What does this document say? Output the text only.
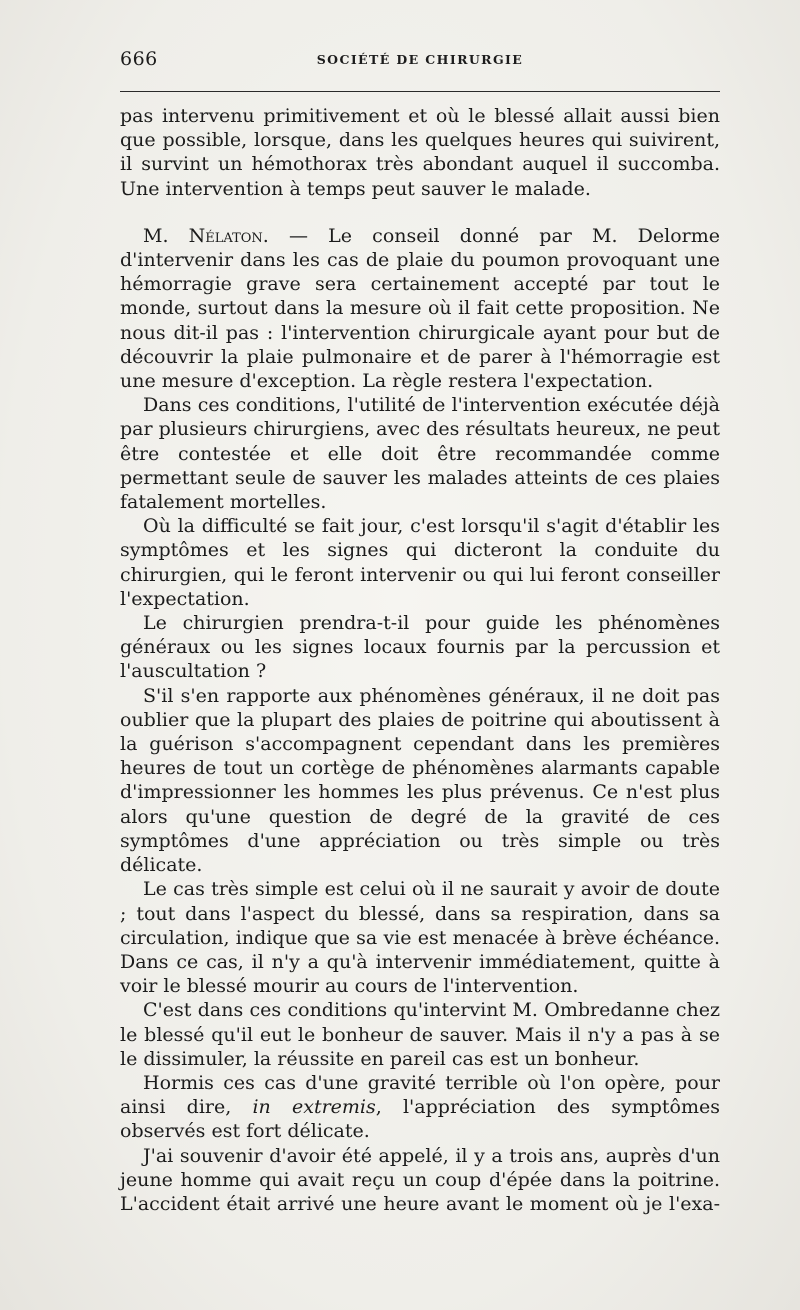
666	SOCIÉTÉ DE CHIRURGIE

pas intervenu primitivement et où le blessé allait aussi bien que possible, lorsque, dans les quelques heures qui suivirent, il survint un hémothorax très abondant auquel il succomba. Une intervention à temps peut sauver le malade.

M. Nélaton. — Le conseil donné par M. Delorme d'intervenir dans les cas de plaie du poumon provoquant une hémorragie grave sera certainement accepté par tout le monde, surtout dans la mesure où il fait cette proposition. Ne nous dit-il pas : l'intervention chirurgicale ayant pour but de découvrir la plaie pulmonaire et de parer à l'hémorragie est une mesure d'exception. La règle restera l'expectation.

Dans ces conditions, l'utilité de l'intervention exécutée déjà par plusieurs chirurgiens, avec des résultats heureux, ne peut être contestée et elle doit être recommandée comme permettant seule de sauver les malades atteints de ces plaies fatalement mortelles.

Où la difficulté se fait jour, c'est lorsqu'il s'agit d'établir les symptômes et les signes qui dicteront la conduite du chirurgien, qui le feront intervenir ou qui lui feront conseiller l'expectation.

Le chirurgien prendra-t-il pour guide les phénomènes généraux ou les signes locaux fournis par la percussion et l'auscultation ?

S'il s'en rapporte aux phénomènes généraux, il ne doit pas oublier que la plupart des plaies de poitrine qui aboutissent à la guérison s'accompagnent cependant dans les premières heures de tout un cortège de phénomènes alarmants capable d'impressionner les hommes les plus prévenus. Ce n'est plus alors qu'une question de degré de la gravité de ces symptômes d'une appréciation ou très simple ou très délicate.

Le cas très simple est celui où il ne saurait y avoir de doute ; tout dans l'aspect du blessé, dans sa respiration, dans sa circulation, indique que sa vie est menacée à brève échéance. Dans ce cas, il n'y a qu'à intervenir immédiatement, quitte à voir le blessé mourir au cours de l'intervention.

C'est dans ces conditions qu'intervint M. Ombredanne chez le blessé qu'il eut le bonheur de sauver. Mais il n'y a pas à se le dissimuler, la réussite en pareil cas est un bonheur.

Hormis ces cas d'une gravité terrible où l'on opère, pour ainsi dire, in extremis, l'appréciation des symptômes observés est fort délicate.

J'ai souvenir d'avoir été appelé, il y a trois ans, auprès d'un jeune homme qui avait reçu un coup d'épée dans la poitrine. L'accident était arrivé une heure avant le moment où je l'exa-
